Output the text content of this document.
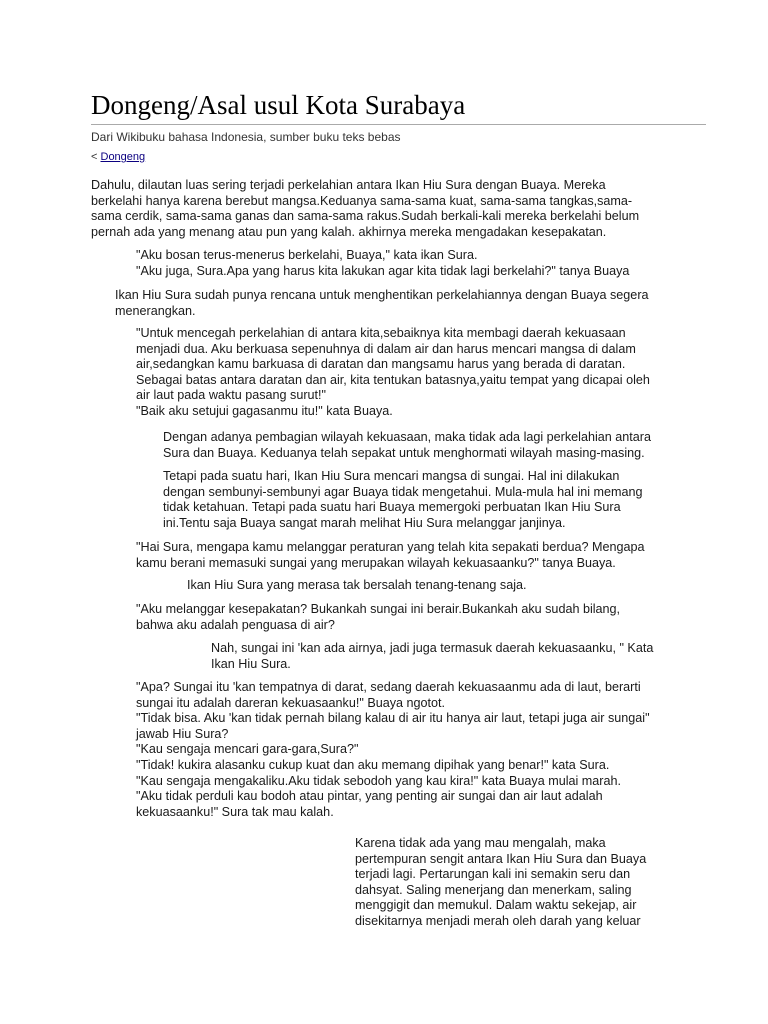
Dongeng/Asal usul Kota Surabaya
Dari Wikibuku bahasa Indonesia, sumber buku teks bebas
< Dongeng
Dahulu, dilautan luas sering terjadi perkelahian antara Ikan Hiu Sura dengan Buaya. Mereka
berkelahi hanya karena berebut mangsa.Keduanya sama-sama kuat, sama-sama tangkas,sama-
sama cerdik, sama-sama ganas dan sama-sama rakus.Sudah berkali-kali mereka berkelahi belum
pernah ada yang menang atau pun yang kalah. akhirnya mereka mengadakan kesepakatan.
"Aku bosan terus-menerus berkelahi, Buaya," kata ikan Sura.
"Aku juga, Sura.Apa yang harus kita lakukan agar kita tidak lagi berkelahi?" tanya Buaya
Ikan Hiu Sura sudah punya rencana untuk menghentikan perkelahiannya dengan Buaya segera
menerangkan.
"Untuk mencegah perkelahian di antara kita,sebaiknya kita membagi daerah kekuasaan
menjadi dua. Aku berkuasa sepenuhnya di dalam air dan harus mencari mangsa di dalam
air,sedangkan kamu barkuasa di daratan dan mangsamu harus yang berada di daratan.
Sebagai batas antara daratan dan air, kita tentukan batasnya,yaitu tempat yang dicapai oleh
air laut pada waktu pasang surut!"
"Baik aku setujui gagasanmu itu!" kata Buaya.
Dengan adanya pembagian wilayah kekuasaan, maka tidak ada lagi perkelahian antara
Sura dan Buaya. Keduanya telah sepakat untuk menghormati wilayah masing-masing.
Tetapi pada suatu hari, Ikan Hiu Sura mencari mangsa di sungai. Hal ini dilakukan
dengan sembunyi-sembunyi agar Buaya tidak mengetahui. Mula-mula hal ini memang
tidak ketahuan. Tetapi pada suatu hari Buaya memergoki perbuatan Ikan Hiu Sura
ini.Tentu saja Buaya sangat marah melihat Hiu Sura melanggar janjinya.
"Hai Sura, mengapa kamu melanggar peraturan yang telah kita sepakati berdua? Mengapa
kamu berani memasuki sungai yang merupakan wilayah kekuasaanku?" tanya Buaya.
Ikan Hiu Sura yang merasa tak bersalah tenang-tenang saja.
"Aku melanggar kesepakatan? Bukankah sungai ini berair.Bukankah aku sudah bilang,
bahwa aku adalah penguasa di air?
Nah, sungai ini 'kan ada airnya, jadi juga termasuk daerah kekuasaanku, " Kata
Ikan Hiu Sura.
"Apa? Sungai itu 'kan tempatnya di darat, sedang daerah kekuasaanmu ada di laut, berarti
sungai itu adalah dareran kekuasaanku!" Buaya ngotot.
"Tidak bisa. Aku 'kan tidak pernah bilang kalau di air itu hanya air laut, tetapi juga air sungai"
jawab Hiu Sura?
"Kau sengaja mencari gara-gara,Sura?"
"Tidak! kukira alasanku cukup kuat dan aku memang dipihak yang benar!" kata Sura.
"Kau sengaja mengakaliku.Aku tidak sebodoh yang kau kira!" kata Buaya mulai marah.
"Aku tidak perduli kau bodoh atau pintar, yang penting air sungai dan air laut adalah
kekuasaanku!" Sura tak mau kalah.
Karena tidak ada yang mau mengalah, maka
pertempuran sengit antara Ikan Hiu Sura dan Buaya
terjadi lagi. Pertarungan kali ini semakin seru dan
dahsyat. Saling menerjang dan menerkam, saling
menggigit dan memukul. Dalam waktu sekejap, air
disekitarnya menjadi merah oleh darah yang keluar
